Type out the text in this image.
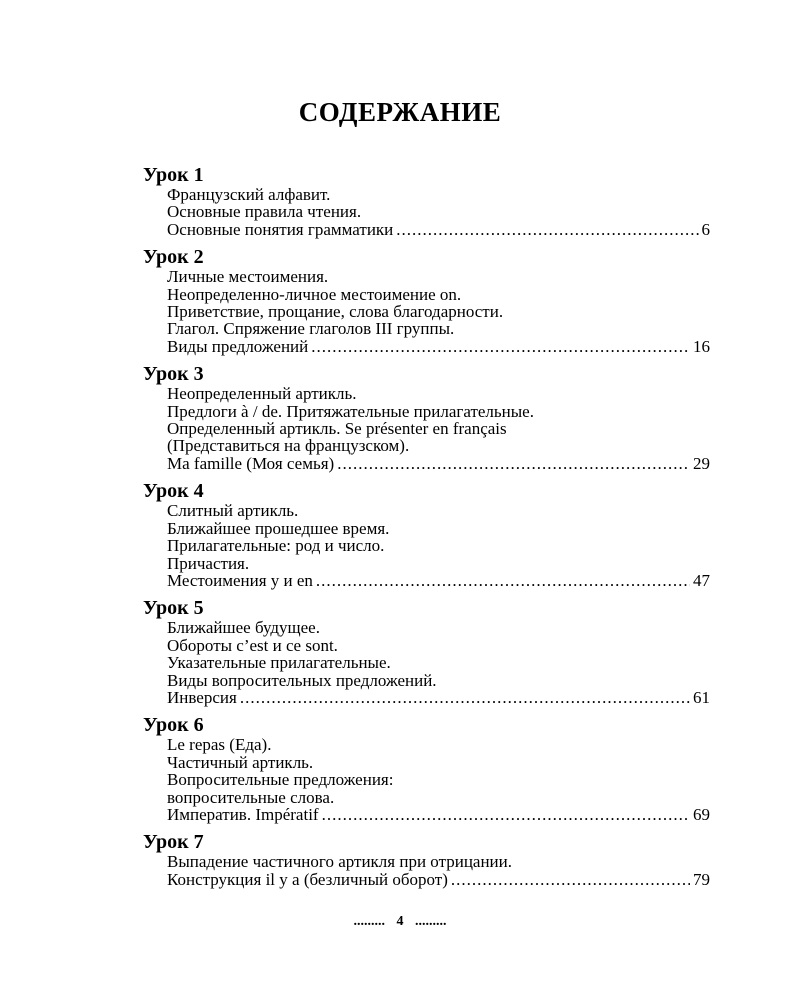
СОДЕРЖАНИЕ
Урок 1
Французский алфавит.
Основные правила чтения.
Основные понятия грамматики .....	6
Урок 2
Личные местоимения.
Неопределенно-личное местоимение on.
Приветствие, прощание, слова благодарности.
Глагол. Спряжение глаголов III группы.
Виды предложений .....	16
Урок 3
Неопределенный артикль.
Предлоги à / de. Притяжательные прилагательные.
Определенный артикль. Se présenter en français
(Представиться на французском).
Ma famille (Моя семья) .....	29
Урок 4
Слитный артикль.
Ближайшее прошедшее время.
Прилагательные: род и число.
Причастия.
Местоимения y и en .....	47
Урок 5
Ближайшее будущее.
Обороты c’est и ce sont.
Указательные прилагательные.
Виды вопросительных предложений.
Инверсия .....	61
Урок 6
Le repas (Еда).
Частичный артикль.
Вопросительные предложения:
вопросительные слова.
Императив. Impératif .....	69
Урок 7
Выпадение частичного артикля при отрицании.
Конструкция il y a (безличный оборот) .....	79
......... 4 .........
